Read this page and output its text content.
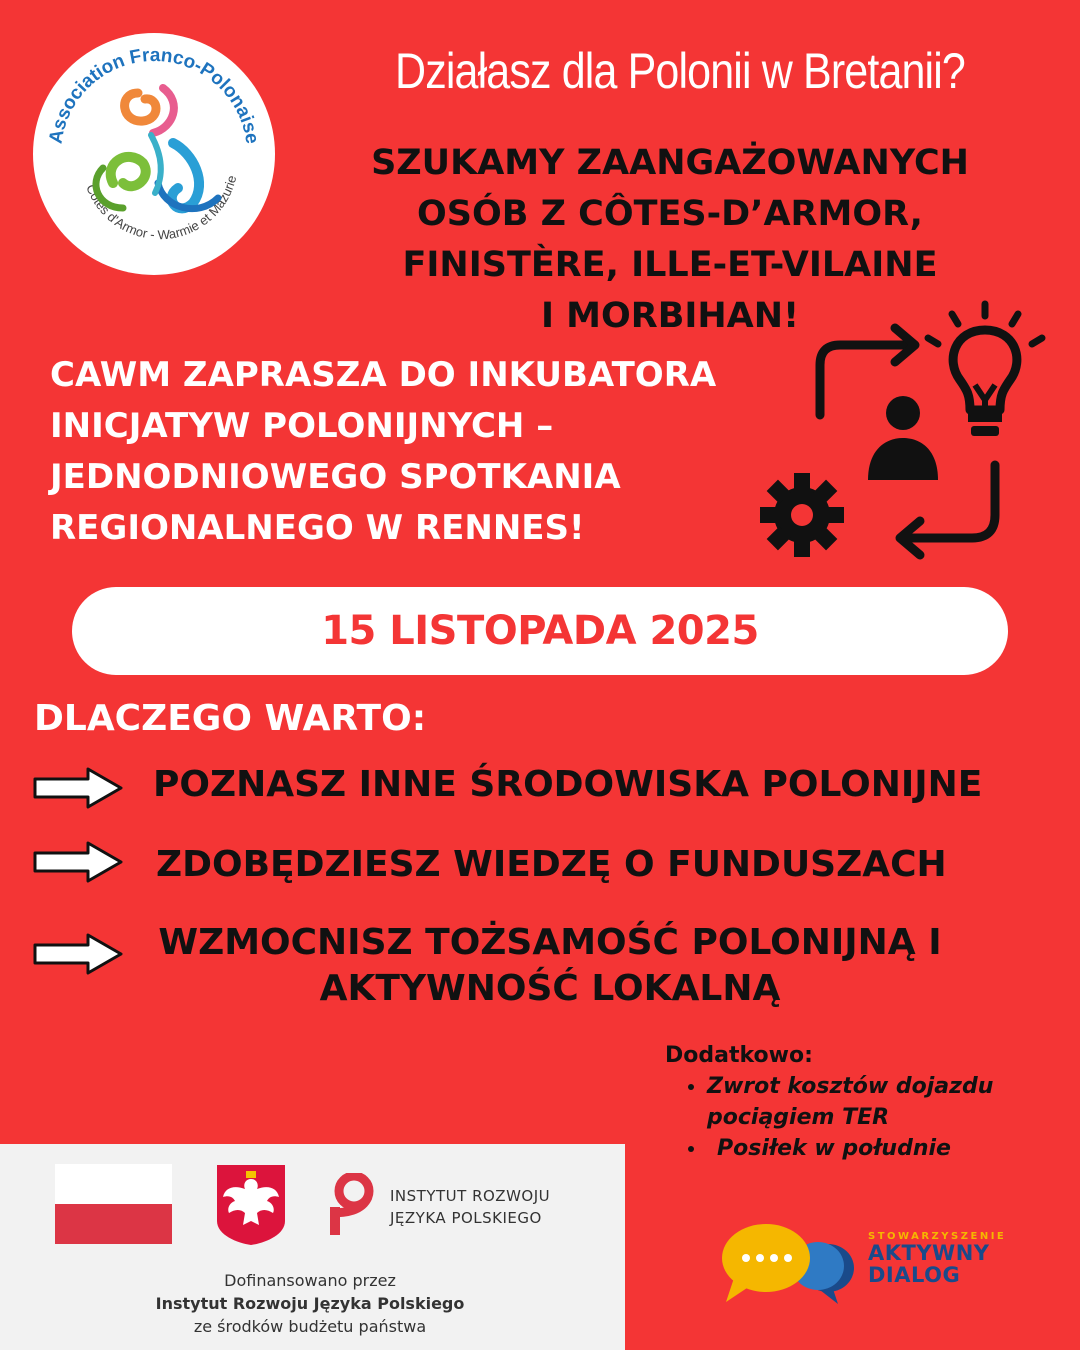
Association Franco-Polonaise
Côtes d'Armor - Warmie et Mazurie
Działasz dla Polonii w Bretanii?
SZUKAMY ZAANGAŻOWANYCH
OSÓB Z CÔTES-D’ARMOR,
FINISTÈRE, ILLE-ET-VILAINE
I MORBIHAN!
CAWM ZAPRASZA DO INKUBATORA
INICJATYW POLONIJNYCH –
JEDNODNIOWEGO SPOTKANIA
REGIONALNEGO W RENNES!
15 LISTOPADA 2025
DLACZEGO WARTO:
POZNASZ INNE ŚRODOWISKA POLONIJNE
ZDOBĘDZIESZ WIEDZĘ O FUNDUSZACH
WZMOCNISZ TOŻSAMOŚĆ POLONIJNĄ I
AKTYWNOŚĆ LOKALNĄ
Dodatkowo:
• Zwrot kosztów dojazdu pociągiem TER
• Posiłek w południe
INSTYTUT ROZWOJU
JĘZYKA POLSKIEGO
Dofinansowano przez
Instytut Rozwoju Języka Polskiego
ze środków budżetu państwa
STOWARZYSZENIE
AKTYWNY
DIALOG
